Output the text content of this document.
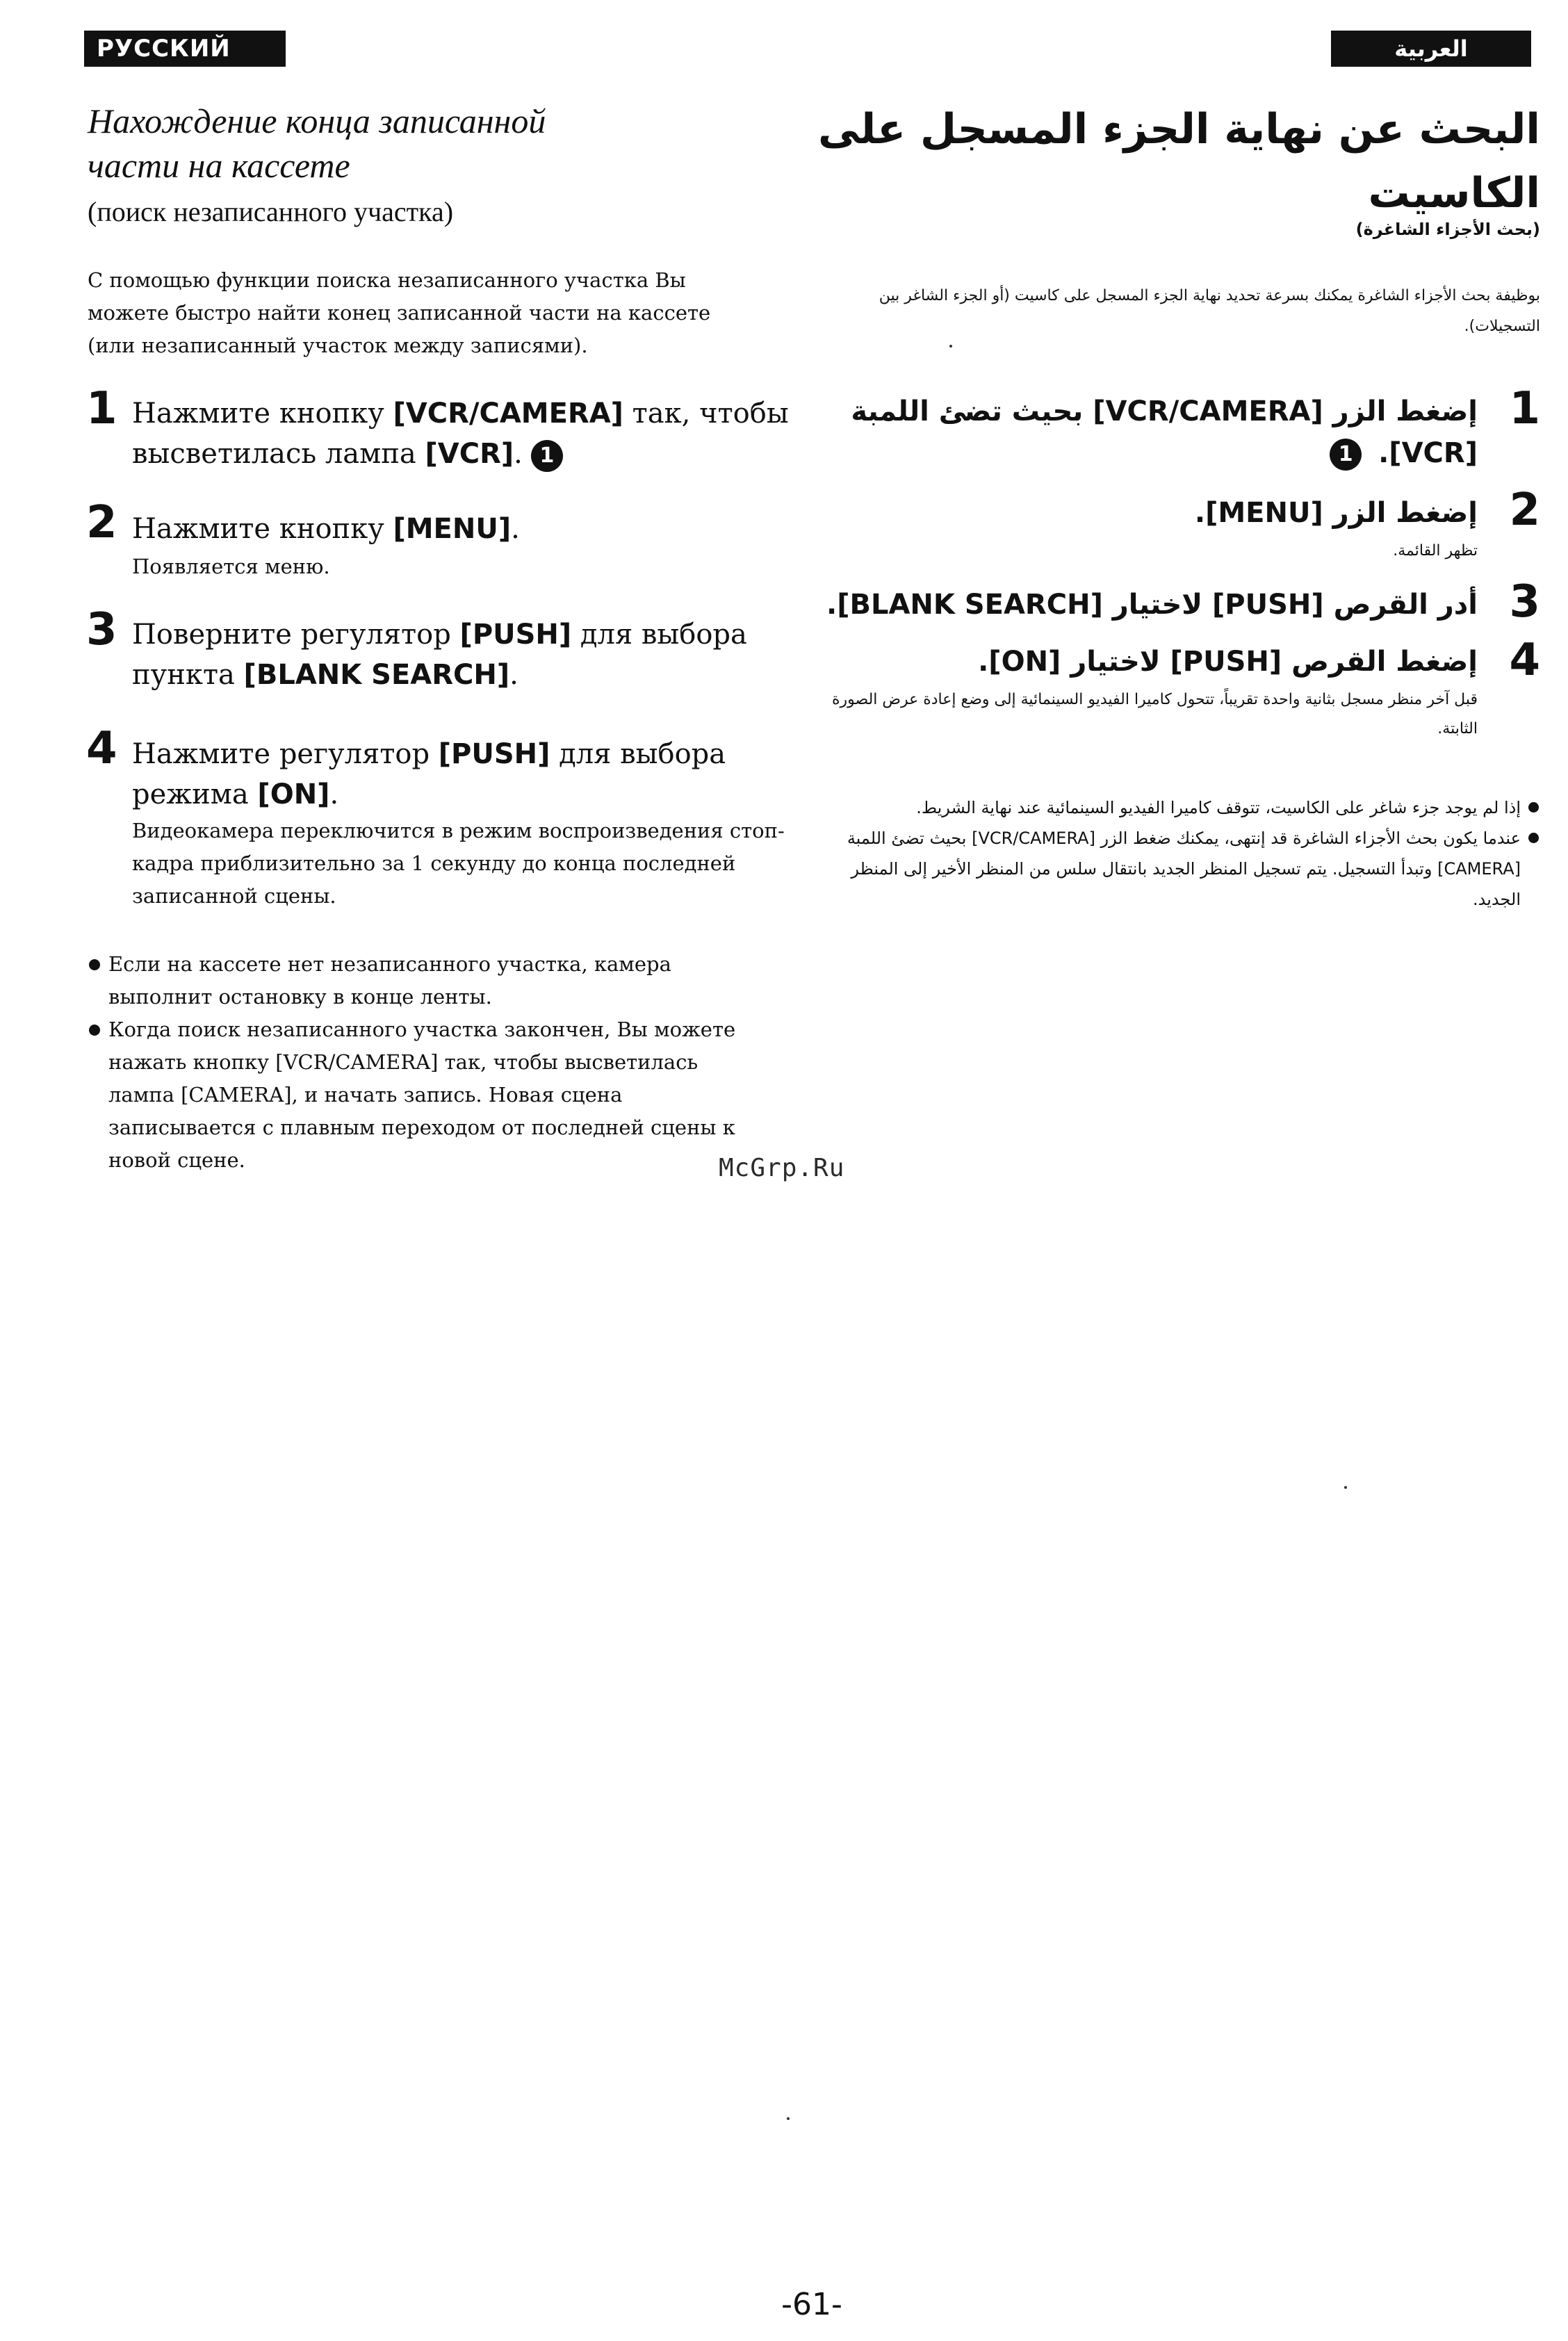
РУССКИЙ ЯЗЫК
العربية
Нахождение конца записанной
части на кассете
(поиск незаписанного участка)
С помощью функции поиска незаписанного участка Вы можете быстро найти конец записанной части на кассете (или незаписанный участок между записями).
1 Нажмите кнопку [VCR/CAMERA] так, чтобы высветилась лампа [VCR]. 1
2 Нажмите кнопку [MENU].
Появляется меню.
3 Поверните регулятор [PUSH] для выбора пункта [BLANK SEARCH].
4 Нажмите регулятор [PUSH] для выбора режима [ON].
Видеокамера переключится в режим воспроизведения стоп-кадра приблизительно за 1 секунду до конца последней записанной сцены.
Если на кассете нет незаписанного участка, камера выполнит остановку в конце ленты.
Когда поиск незаписанного участка закончен, Вы можете нажать кнопку [VCR/CAMERA] так, чтобы высветилась лампа [CAMERA], и начать запись. Новая сцена записывается с плавным переходом от последней сцены к новой сцене.	McGrp.Ru
البحث عن نهاية الجزء المسجل على الكاسيت
(بحث الأجزاء الشاغرة)
بوظيفة بحث الأجزاء الشاغرة يمكنك بسرعة تحديد نهاية الجزء المسجل على كاسيت (أو الجزء الشاغر بين التسجيلات).
1
إضغط الزر [VCR/CAMERA] بحيث تضئ اللمبة [VCR]. 1
2
إضغط الزر [MENU].
تظهر القائمة.
3
أدر القرص [PUSH] لاختيار [BLANK SEARCH].
4
إضغط القرص [PUSH] لاختيار [ON].
قبل آخر منظر مسجل بثانية واحدة تقريباً، تتحول كاميرا الفيديو السينمائية إلى وضع إعادة عرض الصورة الثابتة.
إذا لم يوجد جزء شاغر على الكاسيت، تتوقف كاميرا الفيديو السينمائية عند نهاية الشريط.
عندما يكون بحث الأجزاء الشاغرة قد إنتهى، يمكنك ضغط الزر [VCR/CAMERA] بحيث تضئ اللمبة [CAMERA] وتبدأ التسجيل. يتم تسجيل المنظر الجديد بانتقال سلس من المنظر الأخير إلى المنظر الجديد.
-61-
